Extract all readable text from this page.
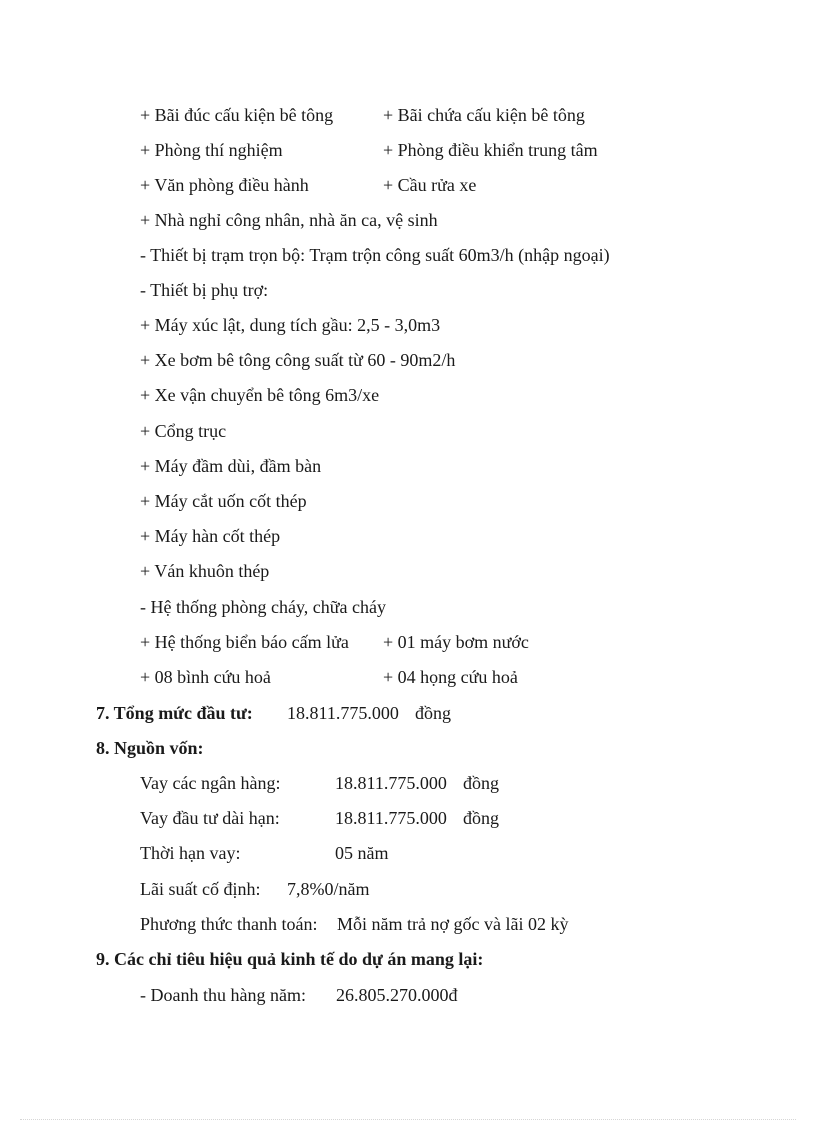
+ Bãi đúc cấu kiện bê tông	+ Bãi chứa cấu kiện bê tông
+ Phòng thí nghiệm	+ Phòng điều khiển trung tâm
+ Văn phòng điều hành	+ Cầu rửa xe
+ Nhà nghỉ công nhân, nhà ăn ca, vệ sinh
- Thiết bị trạm trọn bộ: Trạm trộn công suất 60m3/h (nhập ngoại)
- Thiết bị phụ trợ:
+ Máy xúc lật, dung tích gầu: 2,5 - 3,0m3
+ Xe bơm bê tông công suất từ 60 - 90m2/h
+ Xe vận chuyển bê tông 6m3/xe
+ Cổng trục
+ Máy đầm dùi, đầm bàn
+ Máy cắt uốn cốt thép
+ Máy hàn cốt thép
+ Ván khuôn thép
- Hệ thống phòng cháy, chữa cháy
+ Hệ thống biển báo cấm lửa + 01 máy bơm nước
+ 08 bình cứu hoả	+ 04 họng cứu hoả
7. Tổng mức đầu tư: 18.811.775.000 đồng
8. Nguồn vốn:
Vay các ngân hàng:	18.811.775.000 đồng
Vay đầu tư dài hạn:	18.811.775.000 đồng
Thời hạn vay:	05 năm
Lãi suất cố định: 7,8%0/năm
Phương thức thanh toán: Mỗi năm trả nợ gốc và lãi 02 kỳ
9. Các chỉ tiêu hiệu quả kinh tế do dự án mang lại:
- Doanh thu hàng năm: 26.805.270.000đ
